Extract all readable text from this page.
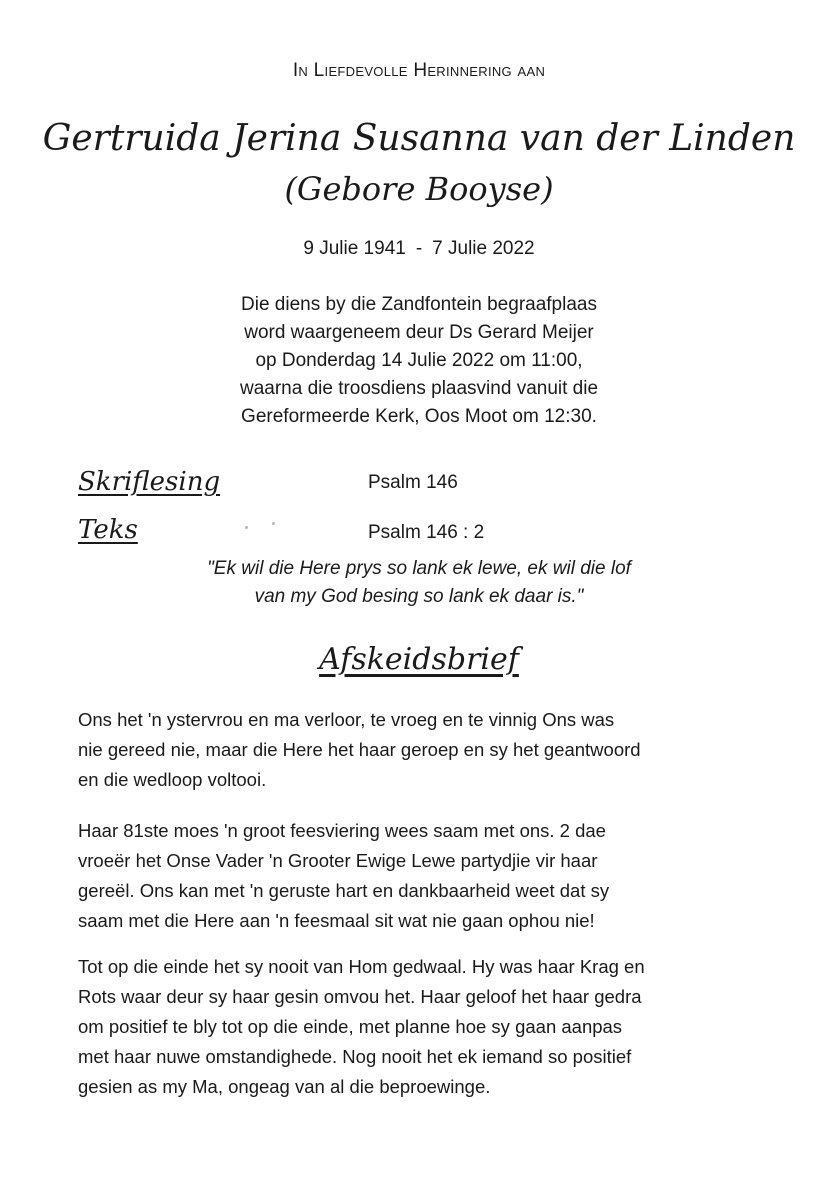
In Liefdevolle Herinnering aan
Gertruida Jerina Susanna van der Linden
(Gebore Booyse)
9 Julie 1941 - 7 Julie 2022
Die diens by die Zandfontein begraafplaas
word waargeneem deur Ds Gerard Meijer
op Donderdag 14 Julie 2022 om 11:00,
waarna die troosdiens plaasvind vanuit die
Gereformeerde Kerk, Oos Moot om 12:30.
Skriflesing	Psalm 146
Teks	Psalm 146 : 2
"Ek wil die Here prys so lank ek lewe, ek wil die lof
van my God besing so lank ek daar is."
Afskeidsbrief
Ons het 'n ystervrou en ma verloor, te vroeg en te vinnig Ons was
nie gereed nie, maar die Here het haar geroep en sy het geantwoord
en die wedloop voltooi.
Haar 81ste moes 'n groot feesviering wees saam met ons. 2 dae
vroeër het Onse Vader 'n Grooter Ewige Lewe partydjie vir haar
gereël. Ons kan met 'n geruste hart en dankbaarheid weet dat sy
saam met die Here aan 'n feesmaal sit wat nie gaan ophou nie!
Tot op die einde het sy nooit van Hom gedwaal. Hy was haar Krag en
Rots waar deur sy haar gesin omvou het. Haar geloof het haar gedra
om positief te bly tot op die einde, met planne hoe sy gaan aanpas
met haar nuwe omstandighede. Nog nooit het ek iemand so positief
gesien as my Ma, ongeag van al die beproewinge.
